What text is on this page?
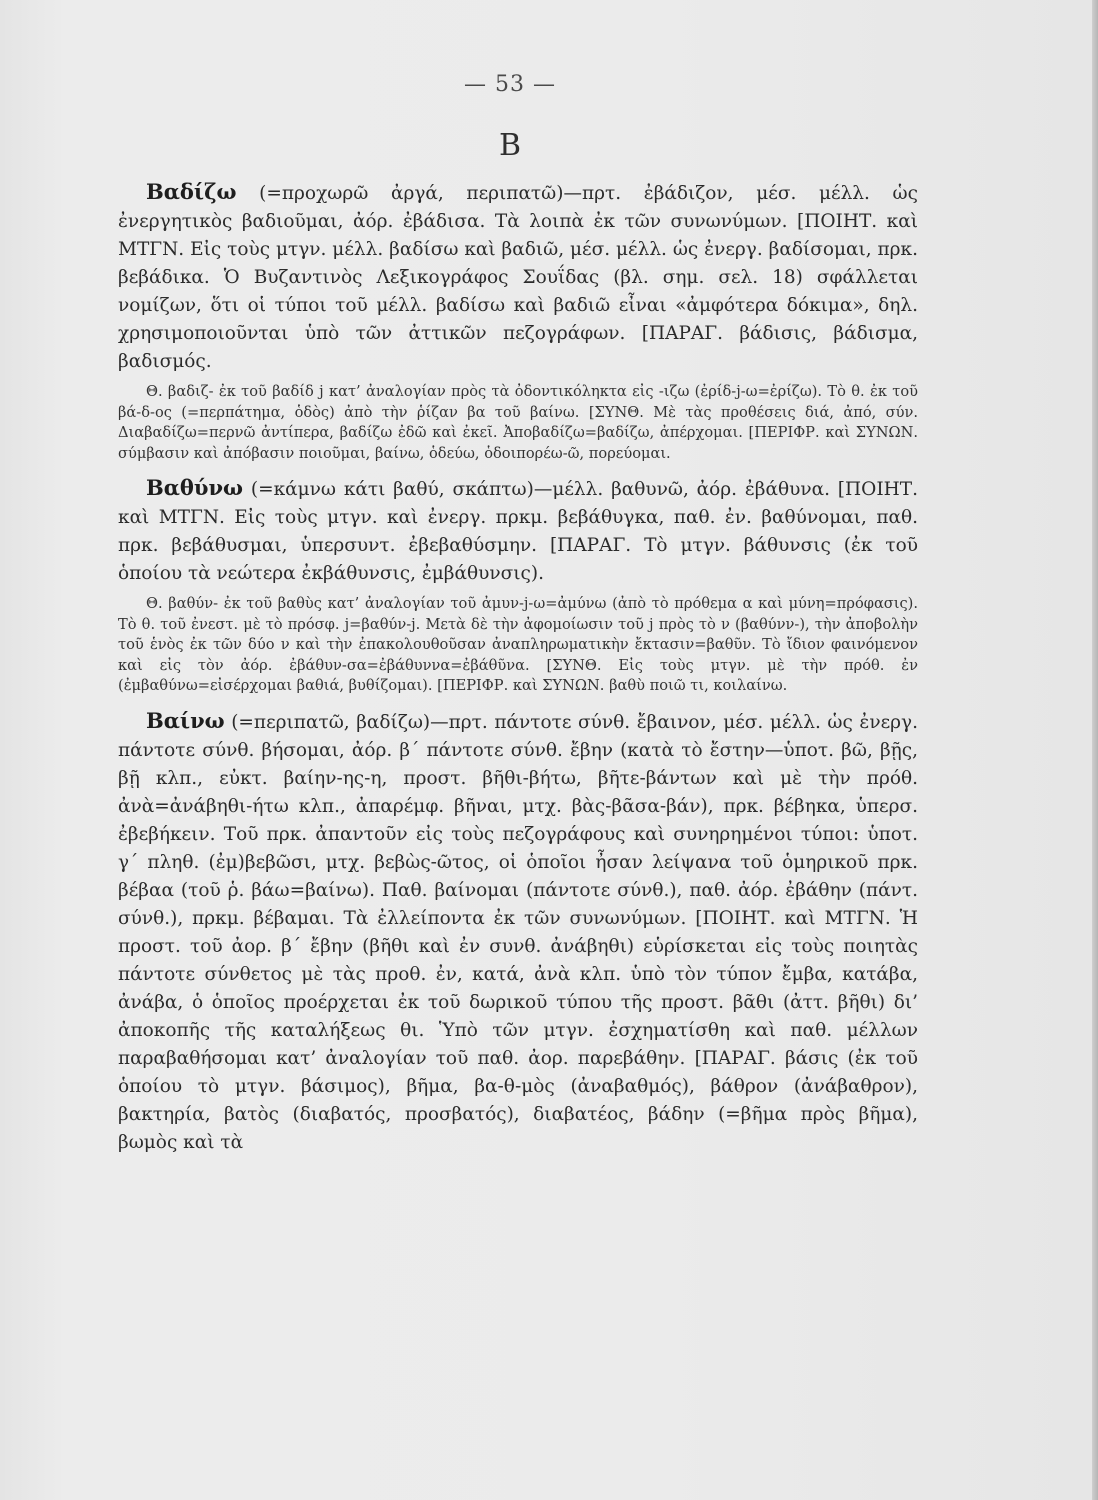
— 53 —
Β

Βαδίζω (=προχωρῶ ἀργά, περιπατῶ)—πρτ. ἐβάδιζον, μέσ. μέλλ. ὡς ἐνεργητικὸς βαδιοῦμαι, ἀόρ. ἐβάδισα. Τὰ λοιπὰ ἐκ τῶν συνωνύμων. [ΠΟΙΗΤ. καὶ ΜΤΓΝ. Εἰς τοὺς μτγν. μέλλ. βαδίσω καὶ βαδιῶ, μέσ. μέλλ. ὡς ἐνεργ. βαδίσομαι, πρκ. βεβάδικα. Ὁ Βυζαντινὸς Λεξικογράφος Σουΐδας (βλ. σημ. σελ. 18) σφάλλεται νομίζων, ὅτι οἱ τύποι τοῦ μέλλ. βαδίσω καὶ βαδιῶ εἶναι «ἀμφότερα δόκιμα», δηλ. χρησιμοποιοῦνται ὑπὸ τῶν ἀττικῶν πεζογράφων. [ΠΑΡΑΓ. βάδισις, βάδισμα, βαδισμός.

Θ. βαδιζ- ἐκ τοῦ βαδίδ j κατ’ ἀναλογίαν πρὸς τὰ ὀδοντικόληκτα εἰς -ιζω (ἐρίδ-j-ω=ἐρίζω). Τὸ θ. ἐκ τοῦ βά-δ-ος (=περπάτημα, ὁδὸς) ἀπὸ τὴν ῥίζαν βα τοῦ βαίνω. [ΣΥΝΘ. Μὲ τὰς προθέσεις διά, ἀπό, σύν. Διαβαδίζω=περνῶ ἀντίπερα, βαδίζω ἐδῶ καὶ ἐκεῖ. Ἀποβαδίζω=βαδίζω, ἀπέρχομαι. [ΠΕΡΙΦΡ. καὶ ΣΥΝΩΝ. σύμβασιν καὶ ἀπόβασιν ποιοῦμαι, βαίνω, ὁδεύω, ὁδοιπορέω-ῶ, πορεύομαι.

Βαθύνω (=κάμνω κάτι βαθύ, σκάπτω)—μέλλ. βαθυνῶ, ἀόρ. ἐβάθυνα. [ΠΟΙΗΤ. καὶ ΜΤΓΝ. Εἰς τοὺς μτγν. καὶ ἐνεργ. πρκμ. βεβάθυγκα, παθ. ἐν. βαθύνομαι, παθ. πρκ. βεβάθυσμαι, ὑπερσυντ. ἐβεβαθύσμην. [ΠΑΡΑΓ. Τὸ μτγν. βάθυνσις (ἐκ τοῦ ὁποίου τὰ νεώτερα ἐκβάθυνσις, ἐμβάθυνσις).

Θ. βαθύν- ἐκ τοῦ βαθὺς κατ’ ἀναλογίαν τοῦ ἀμυν-j-ω=ἀμύνω (ἀπὸ τὸ πρόθεμα α καὶ μύνη=πρόφασις). Τὸ θ. τοῦ ἐνεστ. μὲ τὸ πρόσφ. j=βαθύν-j. Μετὰ δὲ τὴν ἀφομοίωσιν τοῦ j πρὸς τὸ ν (βαθύνν-), τὴν ἀποβολὴν τοῦ ἑνὸς ἐκ τῶν δύο ν καὶ τὴν ἐπακολουθοῦσαν ἀναπληρωματικὴν ἔκτασιν=βαθῦν. Τὸ ἴδιον φαινόμενον καὶ εἰς τὸν ἀόρ. ἐβάθυν-σα=ἐβάθυννα=ἐβάθῦνα. [ΣΥΝΘ. Εἰς τοὺς μτγν. μὲ τὴν πρόθ. ἐν (ἐμβαθύνω=εἰσέρχομαι βαθιά, βυθίζομαι). [ΠΕΡΙΦΡ. καὶ ΣΥΝΩΝ. βαθὺ ποιῶ τι, κοιλαίνω.

Βαίνω (=περιπατῶ, βαδίζω)—πρτ. πάντοτε σύνθ. ἔβαινον, μέσ. μέλλ. ὡς ἐνεργ. πάντοτε σύνθ. βήσομαι, ἀόρ. β΄ πάντοτε σύνθ. ἔβην (κατὰ τὸ ἔστην—ὑποτ. βῶ, βῇς, βῇ κλπ., εὐκτ. βαίην-ης-η, προστ. βῆθι-βήτω, βῆτε-βάντων καὶ μὲ τὴν πρόθ. ἀνὰ=ἀνάβηθι-ήτω κλπ., ἀπαρέμφ. βῆναι, μτχ. βὰς-βᾶσα-βάν), πρκ. βέβηκα, ὑπερσ. ἐβεβήκειν. Τοῦ πρκ. ἀπαντοῦν εἰς τοὺς πεζογράφους καὶ συνηρημένοι τύποι: ὑποτ. γ΄ πληθ. (ἐμ)βεβῶσι, μτχ. βεβὼς-ῶτος, οἱ ὁποῖοι ἦσαν λείψανα τοῦ ὁμηρικοῦ πρκ. βέβαα (τοῦ ῥ. βάω=βαίνω). Παθ. βαίνομαι (πάντοτε σύνθ.), παθ. ἀόρ. ἐβάθην (πάντ. σύνθ.), πρκμ. βέβαμαι. Τὰ ἐλλείποντα ἐκ τῶν συνωνύμων. [ΠΟΙΗΤ. καὶ ΜΤΓΝ. Ἡ προστ. τοῦ ἀορ. β΄ ἔβην (βῆθι καὶ ἐν συνθ. ἀνάβηθι) εὑρίσκεται εἰς τοὺς ποιητὰς πάντοτε σύνθετος μὲ τὰς προθ. ἐν, κατά, ἀνὰ κλπ. ὑπὸ τὸν τύπον ἔμβα, κατάβα, ἀνάβα, ὁ ὁποῖος προέρχεται ἐκ τοῦ δωρικοῦ τύπου τῆς προστ. βᾶθι (ἀττ. βῆθι) δι’ ἀποκοπῆς τῆς καταλήξεως θι. Ὑπὸ τῶν μτγν. ἐσχηματίσθη καὶ παθ. μέλλων παραβαθήσομαι κατ’ ἀναλογίαν τοῦ παθ. ἀορ. παρεβάθην. [ΠΑΡΑΓ. βάσις (ἐκ τοῦ ὁποίου τὸ μτγν. βάσιμος), βῆμα, βα-θ-μὸς (ἀναβαθμός), βάθρον (ἀνάβαθρον), βακτηρία, βατὸς (διαβατός, προσβατός), διαβατέος, βάδην (=βῆμα πρὸς βῆμα), βωμὸς καὶ τὰ
